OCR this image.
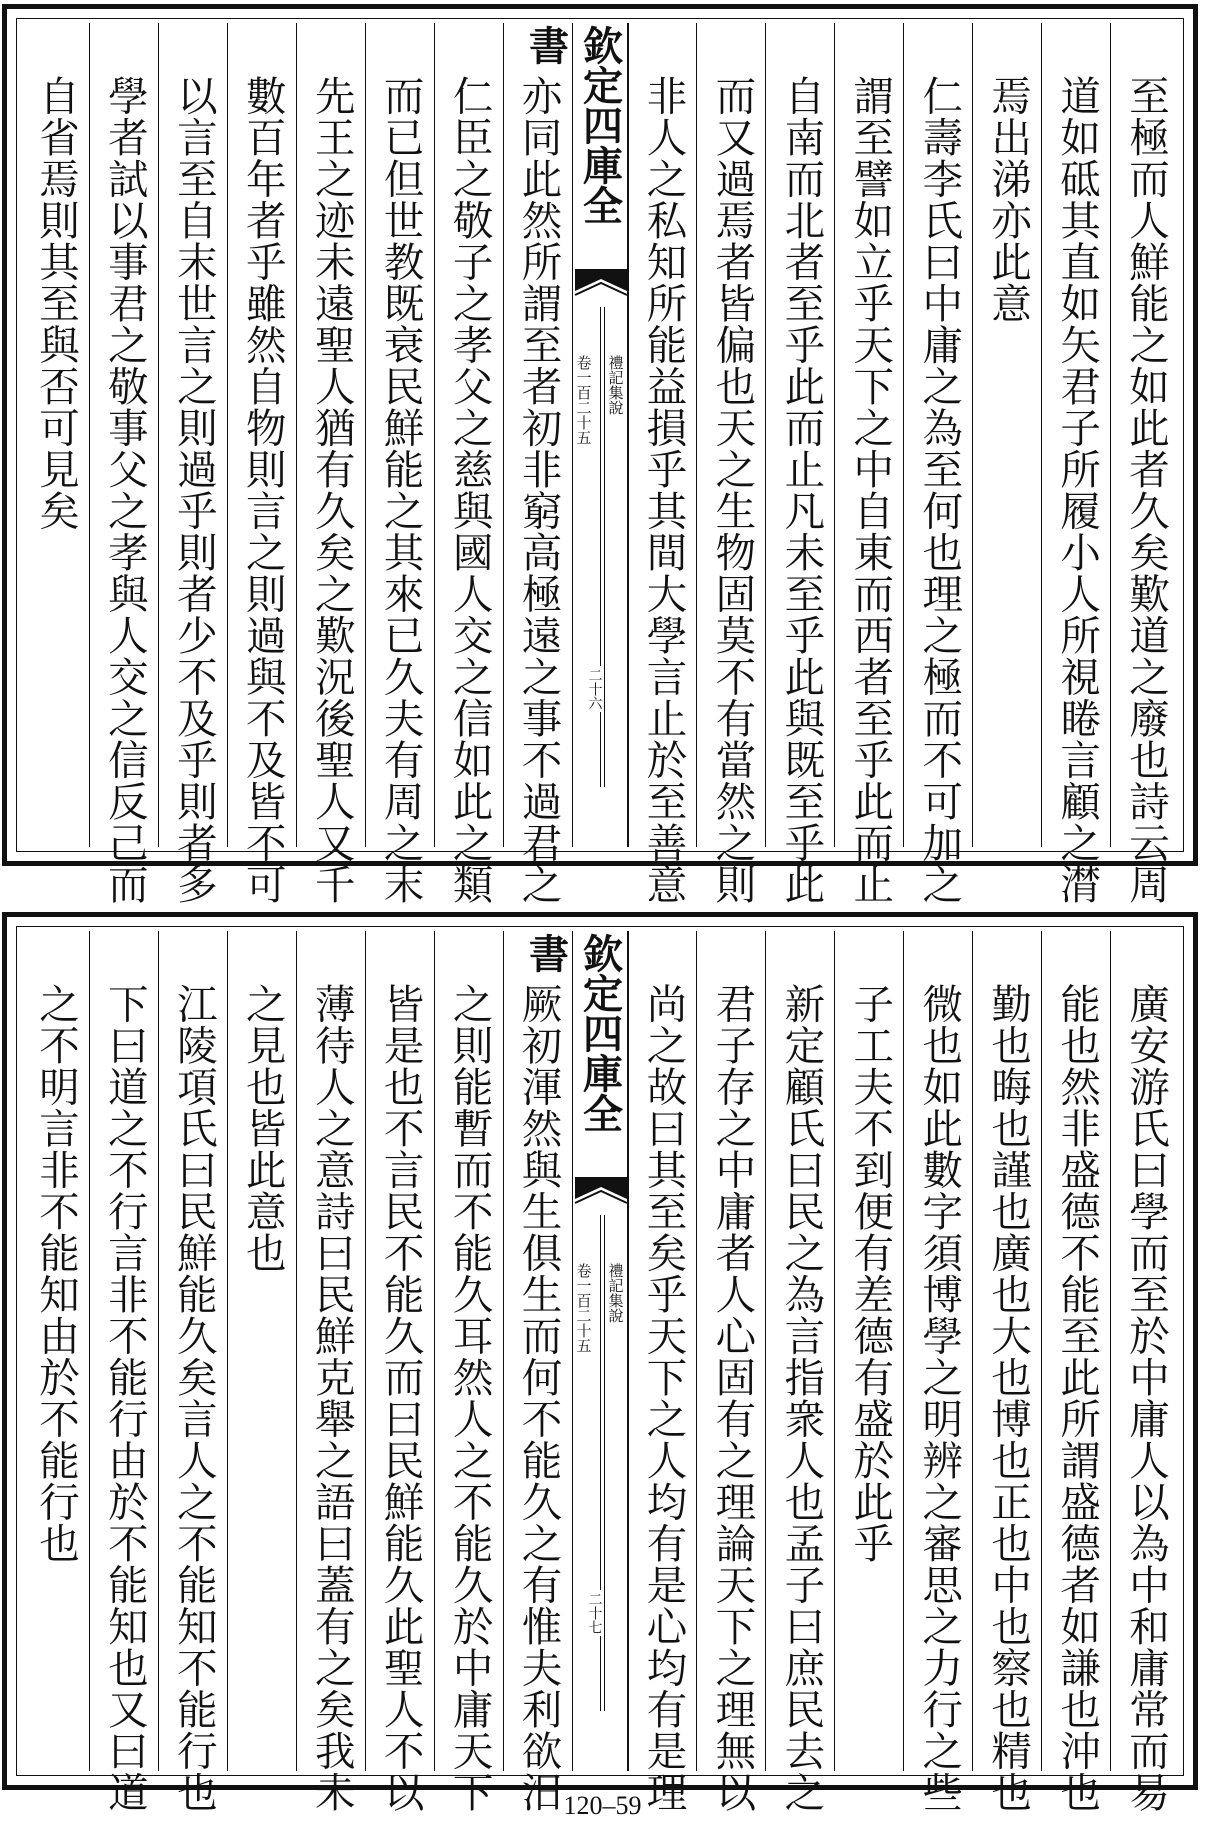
至極而人鮮能之如此者久矣歎道之廢也詩云周
道如砥其直如矢君子所履小人所視睠言顧之潸
焉出涕亦此意
仁壽李氏曰中庸之為至何也理之極而不可加之
謂至譬如立乎天下之中自東而西者至乎此而止
自南而北者至乎此而止凡未至乎此與既至乎此
而又過焉者皆偏也天之生物固莫不有當然之則
非人之私知所能益損乎其間大學言止於至善意
欽定四庫全書
禮記集說
卷一百二十五
二十六
亦同此然所謂至者初非窮高極遠之事不過君之
仁臣之敬子之孝父之慈與國人交之信如此之類
而已但世教既衰民鮮能之其來已久夫有周之末
先王之迹未遠聖人猶有久矣之歎況後聖人又千
數百年者乎雖然自物則言之則過與不及皆不可
以言至自末世言之則過乎則者少不及乎則者多
學者試以事君之敬事父之孝與人交之信反己而
自省焉則其至與否可見矣
廣安游氏曰學而至於中庸人以為中和庸常而易
能也然非盛德不能至此所謂盛德者如謙也沖也
勤也晦也謹也廣也大也博也正也中也察也精也
微也如此數字須博學之明辨之審思之力行之些
子工夫不到便有差德有盛於此乎
新定顧氏曰民之為言指衆人也孟子曰庶民去之
君子存之中庸者人心固有之理論天下之理無以
尚之故曰其至矣乎天下之人均有是心均有是理
欽定四庫全書
禮記集說
卷一百二十五
二十七
厥初渾然與生俱生而何不能久之有惟夫利欲汨
之則能暫而不能久耳然人之不能久於中庸天下
皆是也不言民不能久而曰民鮮能久此聖人不以
薄待人之意詩曰民鮮克舉之語曰蓋有之矣我未
之見也皆此意也
江陵項氏曰民鮮能久矣言人之不能知不能行也
下曰道之不行言非不能行由於不能知也又曰道
之不明言非不能知由於不能行也
120–59
